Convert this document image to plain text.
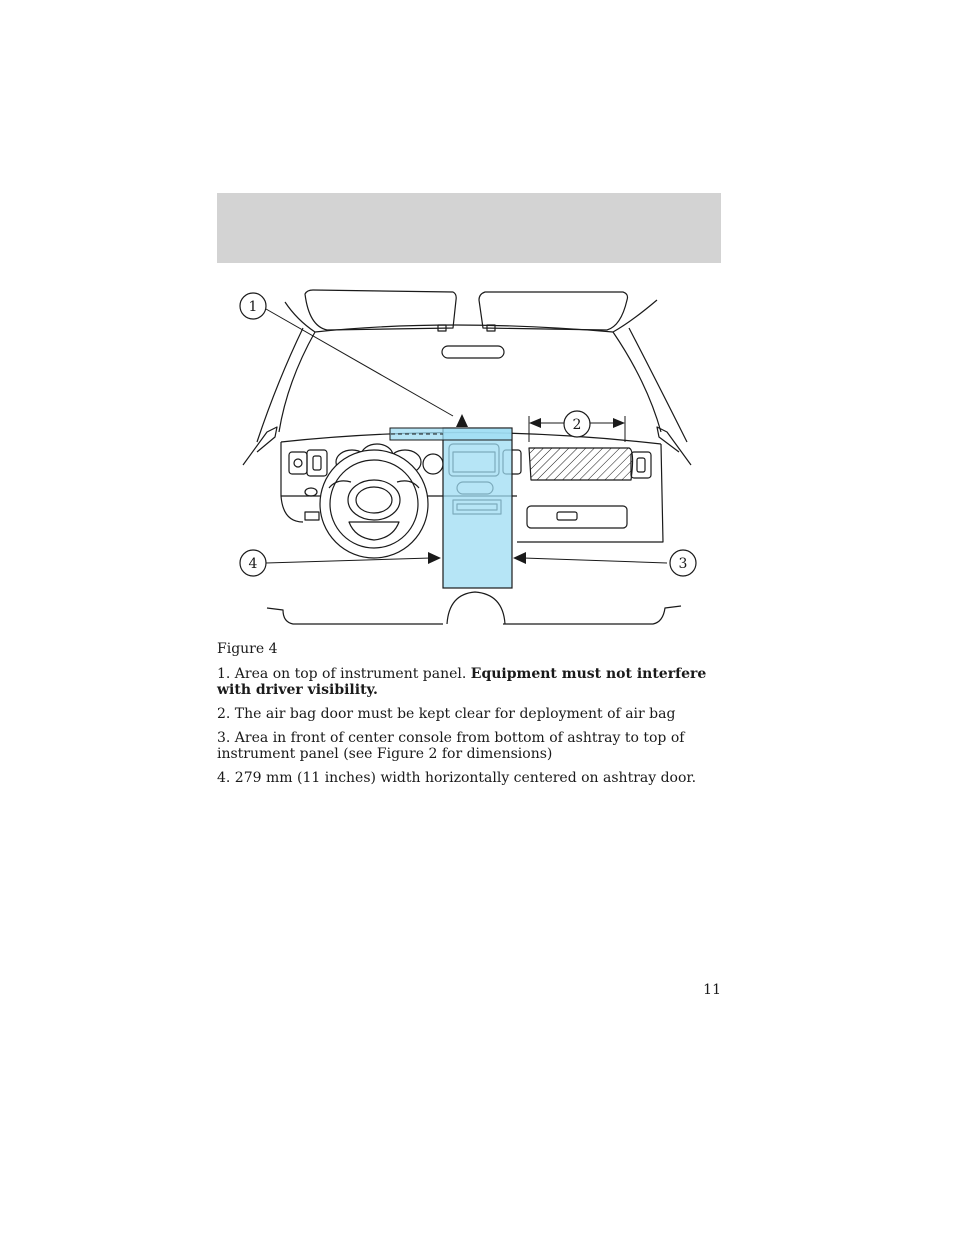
1
2
3
4
Figure 4

1. Area on top of instrument panel. Equipment must not interfere with driver visibility.

2. The air bag door must be kept clear for deployment of air bag

3. Area in front of center console from bottom of ashtray to top of instrument panel (see Figure 2 for dimensions)

4. 279 mm (11 inches) width horizontally centered on ashtray door.

11
